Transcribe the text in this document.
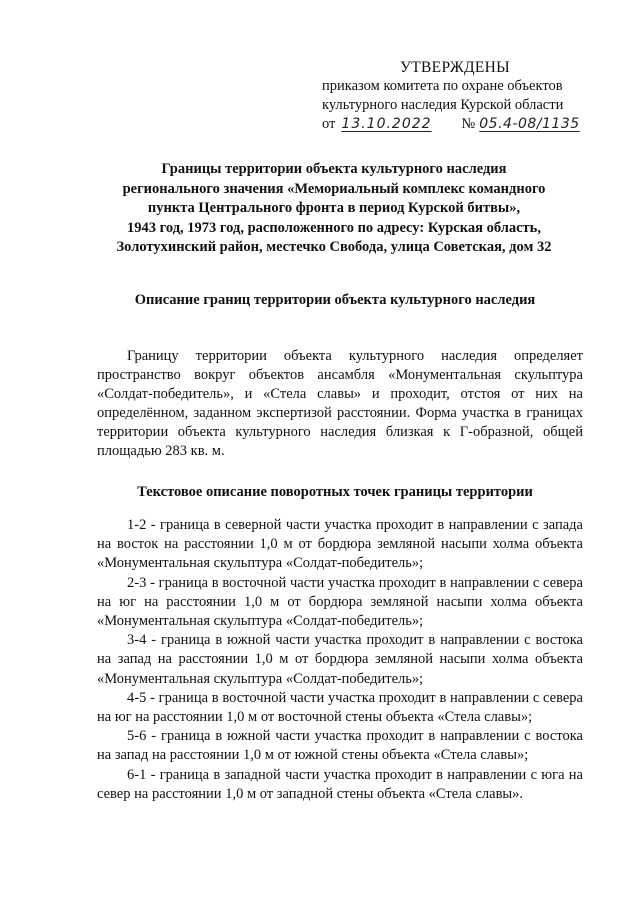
УТВЕРЖДЕНЫ
приказом комитета по охране объектов
культурного наследия Курской области
от 13.10.2022	№ 05.4-08/1135
Границы территории объекта культурного наследия
регионального значения «Мемориальный комплекс командного
пункта Центрального фронта в период Курской битвы»,
1943 год, 1973 год, расположенного по адресу: Курская область,
Золотухинский район, местечко Свобода, улица Советская, дом 32
Описание границ территории объекта культурного наследия
Границу территории объекта культурного наследия определяет пространство вокруг объектов ансамбля «Монументальная скульптура «Солдат-победитель», и «Стела славы» и проходит, отстоя от них на определённом, заданном экспертизой расстоянии. Форма участка в границах территории объекта культурного наследия близкая к Г-образной, общей площадью 283 кв. м.
Текстовое описание поворотных точек границы территории

1-2 - граница в северной части участка проходит в направлении с запада на восток на расстоянии 1,0 м от бордюра земляной насыпи холма объекта «Монументальная скульптура «Солдат-победитель»;

2-3 - граница в восточной части участка проходит в направлении с севера на юг на расстоянии 1,0 м от бордюра земляной насыпи холма объекта «Монументальная скульптура «Солдат-победитель»;

3-4 - граница в южной части участка проходит в направлении с востока на запад на расстоянии 1,0 м от бордюра земляной насыпи холма объекта «Монументальная скульптура «Солдат-победитель»;

4-5 - граница в восточной части участка проходит в направлении с севера на юг на расстоянии 1,0 м от восточной стены объекта «Стела славы»;

5-6 - граница в южной части участка проходит в направлении с востока на запад на расстоянии 1,0 м от южной стены объекта «Стела славы»;

6-1 - граница в западной части участка проходит в направлении с юга на север на расстоянии 1,0 м от западной стены объекта «Стела славы».
